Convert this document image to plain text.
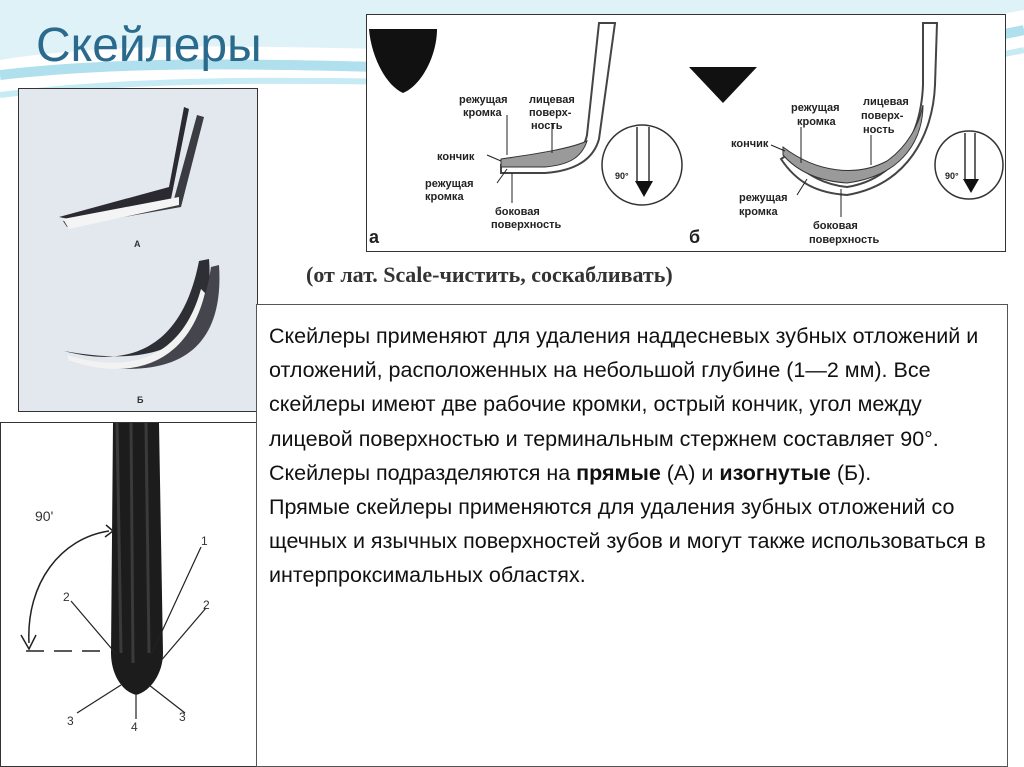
Скейлеры
А
Б
90'
1
2
2
3	3
4
режущая
кромка
лицевая
поверх-
ность
кончик
режущая
кромка
боковая
поверхность
90°
а
режущая
кромка
лицевая
поверх-
ность
кончик
режущая
кромка
боковая
поверхность
90°
б
(от лат. Scale-чистить, соскабливать)

Скейлеры применяют для удаления наддесневых зубных отложений и отложений, расположенных на небольшой глубине (1—2 мм). Все скейлеры имеют две рабочие кромки, острый кончик, угол между лицевой поверхностью и терминальным стержнем составляет 90°. Скейлеры подразделяются на прямые (А) и изогнутые (Б).

Прямые скейлеры применяются для удаления зубных отложений со щечных и язычных поверхностей зубов и могут также использоваться в интерпроксимальных областях.
